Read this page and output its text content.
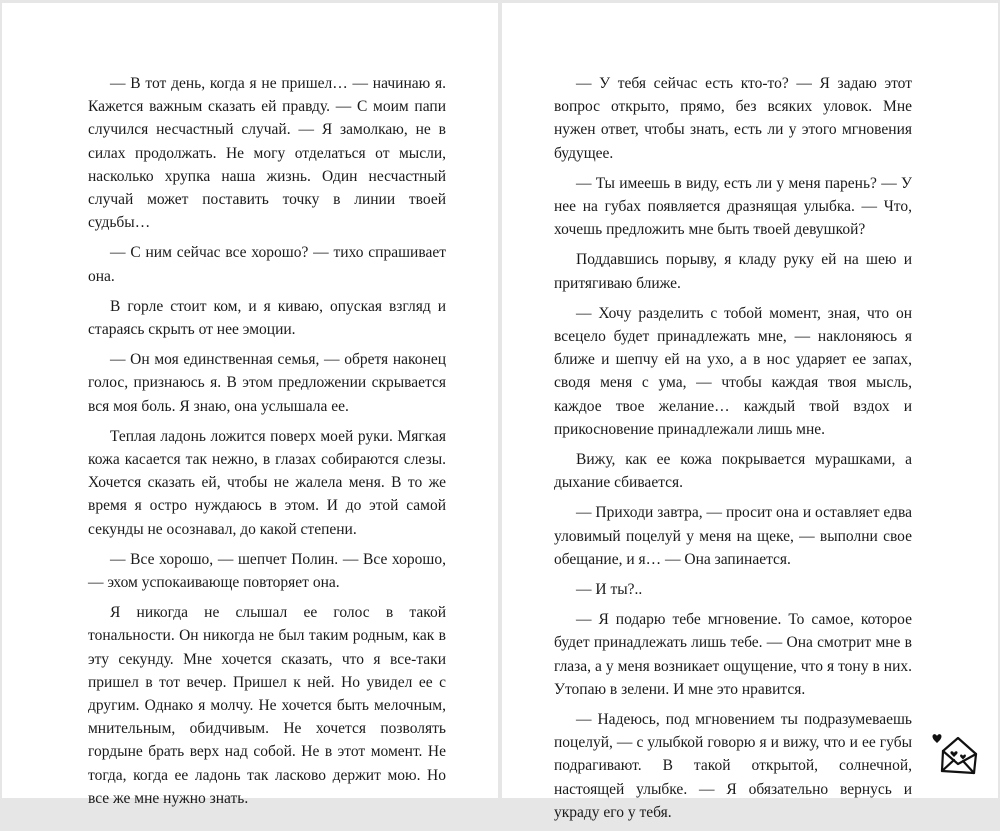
— В тот день, когда я не пришел… — начинаю я. Кажется важным сказать ей правду. — С моим папи случился несчастный случай. — Я замолкаю, не в силах продолжать. Не могу отделаться от мысли, насколько хрупка наша жизнь. Один несчастный случай может поставить точку в линии твоей судьбы…

— С ним сейчас все хорошо? — тихо спрашивает она.

В горле стоит ком, и я киваю, опуская взгляд и стараясь скрыть от нее эмоции.

— Он моя единственная семья, — обретя наконец голос, признаюсь я. В этом предложении скрывается вся моя боль. Я знаю, она услышала ее.

Теплая ладонь ложится поверх моей руки. Мягкая кожа касается так нежно, в глазах собираются слезы. Хочется сказать ей, чтобы не жалела меня. В то же время я остро нуждаюсь в этом. И до этой самой секунды не осознавал, до какой степени.

— Все хорошо, — шепчет Полин. — Все хорошо, — эхом успокаивающе повторяет она.

Я никогда не слышал ее голос в такой тональности. Он никогда не был таким родным, как в эту секунду. Мне хочется сказать, что я все-таки пришел в тот вечер. Пришел к ней. Но увидел ее с другим. Однако я молчу. Не хочется быть мелочным, мнительным, обидчивым. Не хочется позволять гордыне брать верх над собой. Не в этот момент. Не тогда, когда ее ладонь так ласково держит мою. Но все же мне нужно знать.

— У тебя сейчас есть кто-то? — Я задаю этот вопрос открыто, прямо, без всяких уловок. Мне нужен ответ, чтобы знать, есть ли у этого мгновения будущее.

— Ты имеешь в виду, есть ли у меня парень? — У нее на губах появляется дразнящая улыбка. — Что, хочешь предложить мне быть твоей девушкой?

Поддавшись порыву, я кладу руку ей на шею и притягиваю ближе.

— Хочу разделить с тобой момент, зная, что он всецело будет принадлежать мне, — наклоняюсь я ближе и шепчу ей на ухо, а в нос ударяет ее запах, сводя меня с ума, — чтобы каждая твоя мысль, каждое твое желание… каждый твой вздох и прикосновение принадлежали лишь мне.

Вижу, как ее кожа покрывается мурашками, а дыхание сбивается.

— Приходи завтра, — просит она и оставляет едва уловимый поцелуй у меня на щеке, — выполни свое обещание, и я… — Она запинается.

— И ты?..

— Я подарю тебе мгновение. То самое, которое будет принадлежать лишь тебе. — Она смотрит мне в глаза, а у меня возникает ощущение, что я тону в них. Утопаю в зелени. И мне это нравится.

— Надеюсь, под мгновением ты подразумеваешь поцелуй, — с улыбкой говорю я и вижу, что и ее губы подрагивают. В такой открытой, солнечной, настоящей улыбке. — Я обязательно вернусь и украду его у тебя.
